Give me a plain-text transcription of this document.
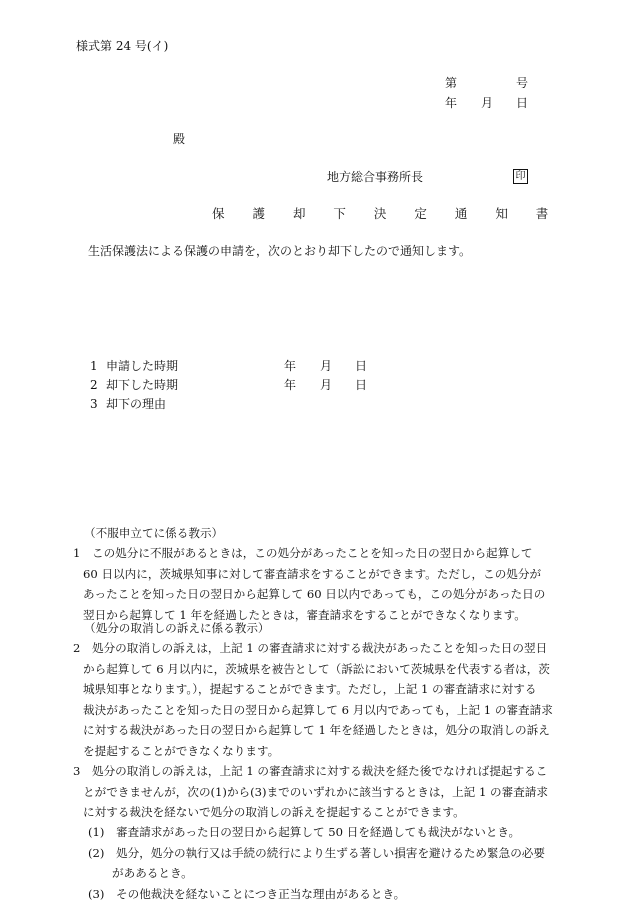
様式第 24 号(イ)
第	号
年 月 日
殿
地方総合事務所長	印
保 護 却 下 決 定 通 知 書
生活保護法による保護の申請を，次のとおり却下したので通知します。
1 申請した時期	年 月 日
2 却下した時期	年 月 日
3 却下の理由
（不服申立てに係る教示）
1　この処分に不服があるときは，この処分があったことを知った日の翌日から起算して
60 日以内に，茨城県知事に対して審査請求をすることができます。ただし，この処分が
あったことを知った日の翌日から起算して 60 日以内であっても，この処分があった日の
翌日から起算して 1 年を経過したときは，審査請求をすることができなくなります。
（処分の取消しの訴えに係る教示）
2　処分の取消しの訴えは，上記 1 の審査請求に対する裁決があったことを知った日の翌日
から起算して 6 月以内に，茨城県を被告として（訴訟において茨城県を代表する者は，茨
城県知事となります。），提起することができます。ただし，上記 1 の審査請求に対する
裁決があったことを知った日の翌日から起算して 6 月以内であっても，上記 1 の審査請求
に対する裁決があった日の翌日から起算して 1 年を経過したときは，処分の取消しの訴え
を提起することができなくなります。
3　処分の取消しの訴えは，上記 1 の審査請求に対する裁決を経た後でなければ提起するこ
とができませんが，次の(1)から(3)までのいずれかに該当するときは，上記 1 の審査請求
に対する裁決を経ないで処分の取消しの訴えを提起することができます。
(1)　審査請求があった日の翌日から起算して 50 日を経過しても裁決がないとき。
(2)　処分，処分の執行又は手続の続行により生ずる著しい損害を避けるため緊急の必要
がああるとき。
(3)　その他裁決を経ないことにつき正当な理由があるとき。
